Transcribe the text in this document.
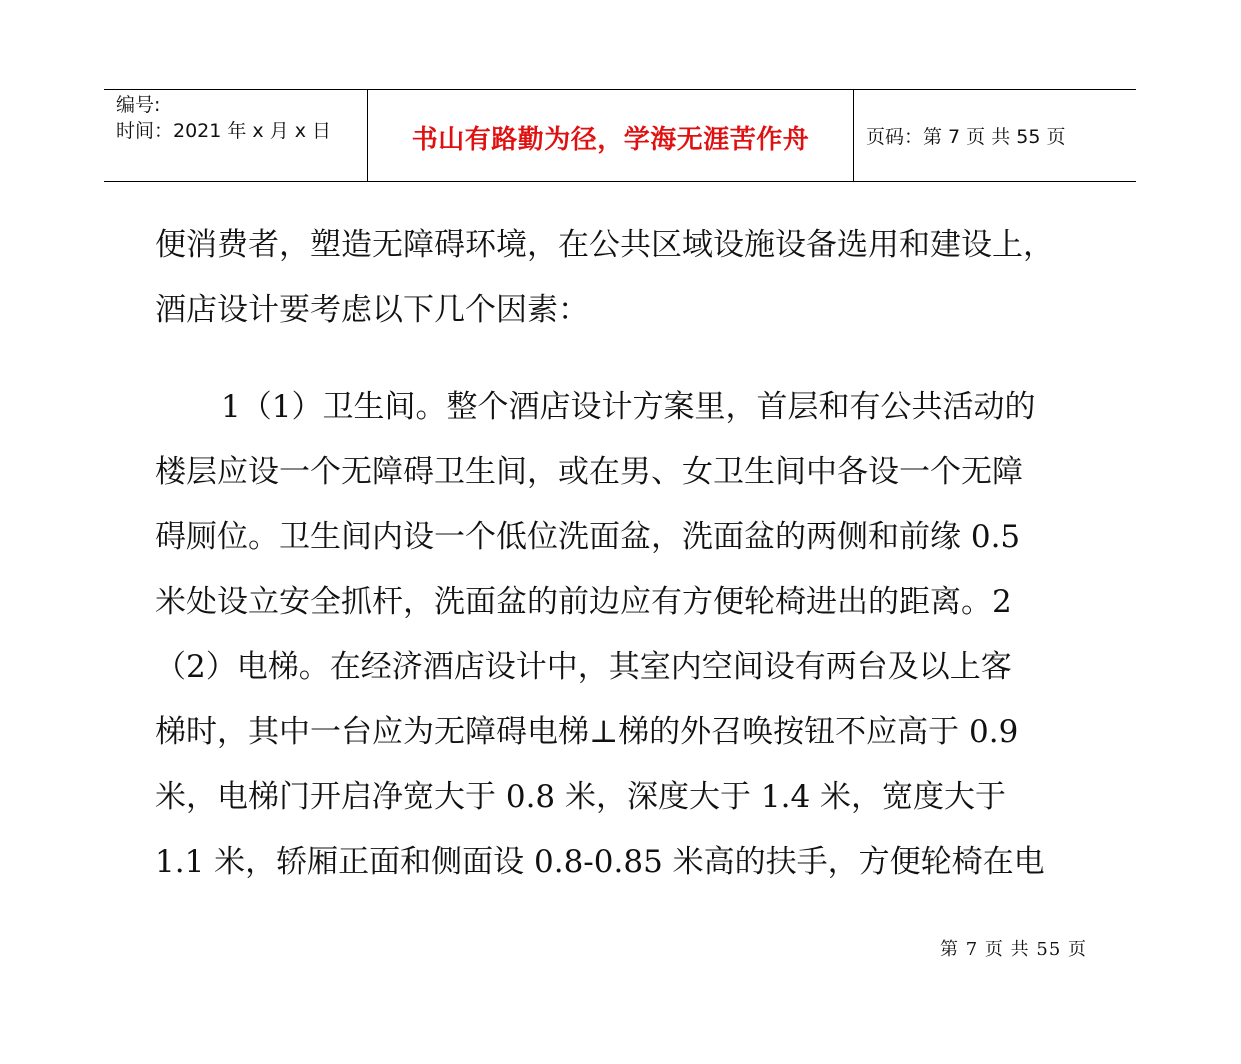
编号:
时间：2021 年 x 月 x 日	书山有路勤为径，学海无涯苦作舟	页码：第 7 页 共 55 页
便消费者，塑造无障碍环境，在公共区域设施设备选用和建设上，
酒店设计要考虑以下几个因素：
1（1）卫生间。整个酒店设计方案里，首层和有公共活动的
楼层应设一个无障碍卫生间，或在男、女卫生间中各设一个无障
碍厕位。卫生间内设一个低位洗面盆，洗面盆的两侧和前缘 0.5
米处设立安全抓杆，洗面盆的前边应有方便轮椅进出的距离。2
（2）电梯。在经济酒店设计中，其室内空间设有两台及以上客
梯时，其中一台应为无障碍电梯⊥梯的外召唤按钮不应高于 0.9
米，电梯门开启净宽大于 0.8 米，深度大于 1.4 米，宽度大于
1.1 米，轿厢正面和侧面设 0.8-0.85 米高的扶手，方便轮椅在电
第 7 页 共 55 页
